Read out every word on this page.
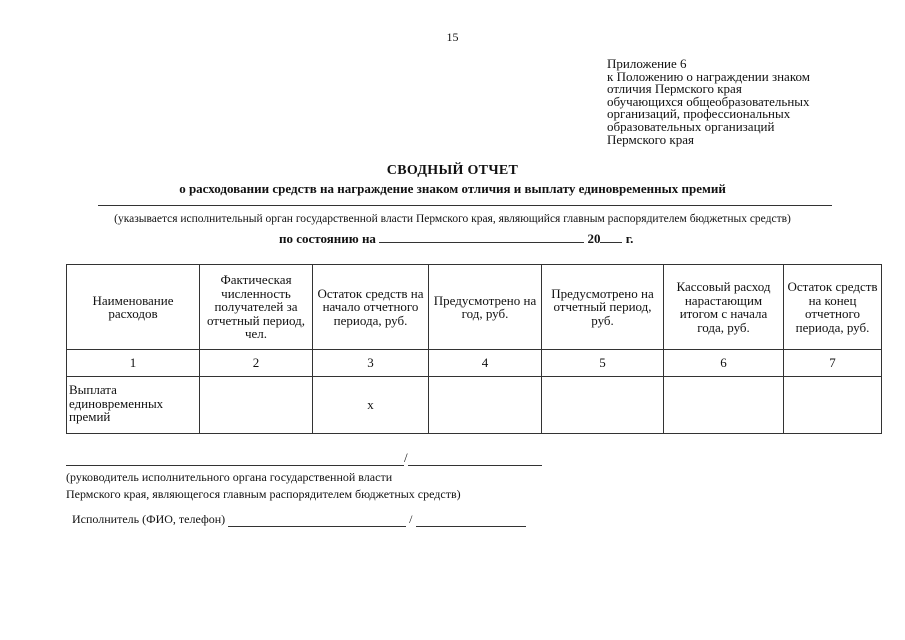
15
Приложение 6
к Положению о награждении знаком
отличия Пермского края
обучающихся общеобразовательных
организаций, профессиональных
образовательных организаций
Пермского края
СВОДНЫЙ ОТЧЕТ
о расходовании средств на награждение знаком отличия и выплату единовременных премий
(указывается исполнительный орган государственной власти Пермского края, являющийся главным распорядителем бюджетных средств)
по состоянию на	20 г.
Наименование расходов	Фактическая численность получателей за отчетный период, чел.	Остаток средств на начало отчетного периода, руб.	Предусмотрено на год, руб.	Предусмотрено на отчетный период, руб.	Кассовый расход нарастающим итогом с начала года, руб.	Остаток средств на конец отчетного периода, руб.
1	2	3	4	5	6	7
Выплата единовременных премий		х				
/
(руководитель исполнительного органа государственной власти
Пермского края, являющегося главным распорядителем бюджетных средств)
Исполнитель (ФИО, телефон)	/
